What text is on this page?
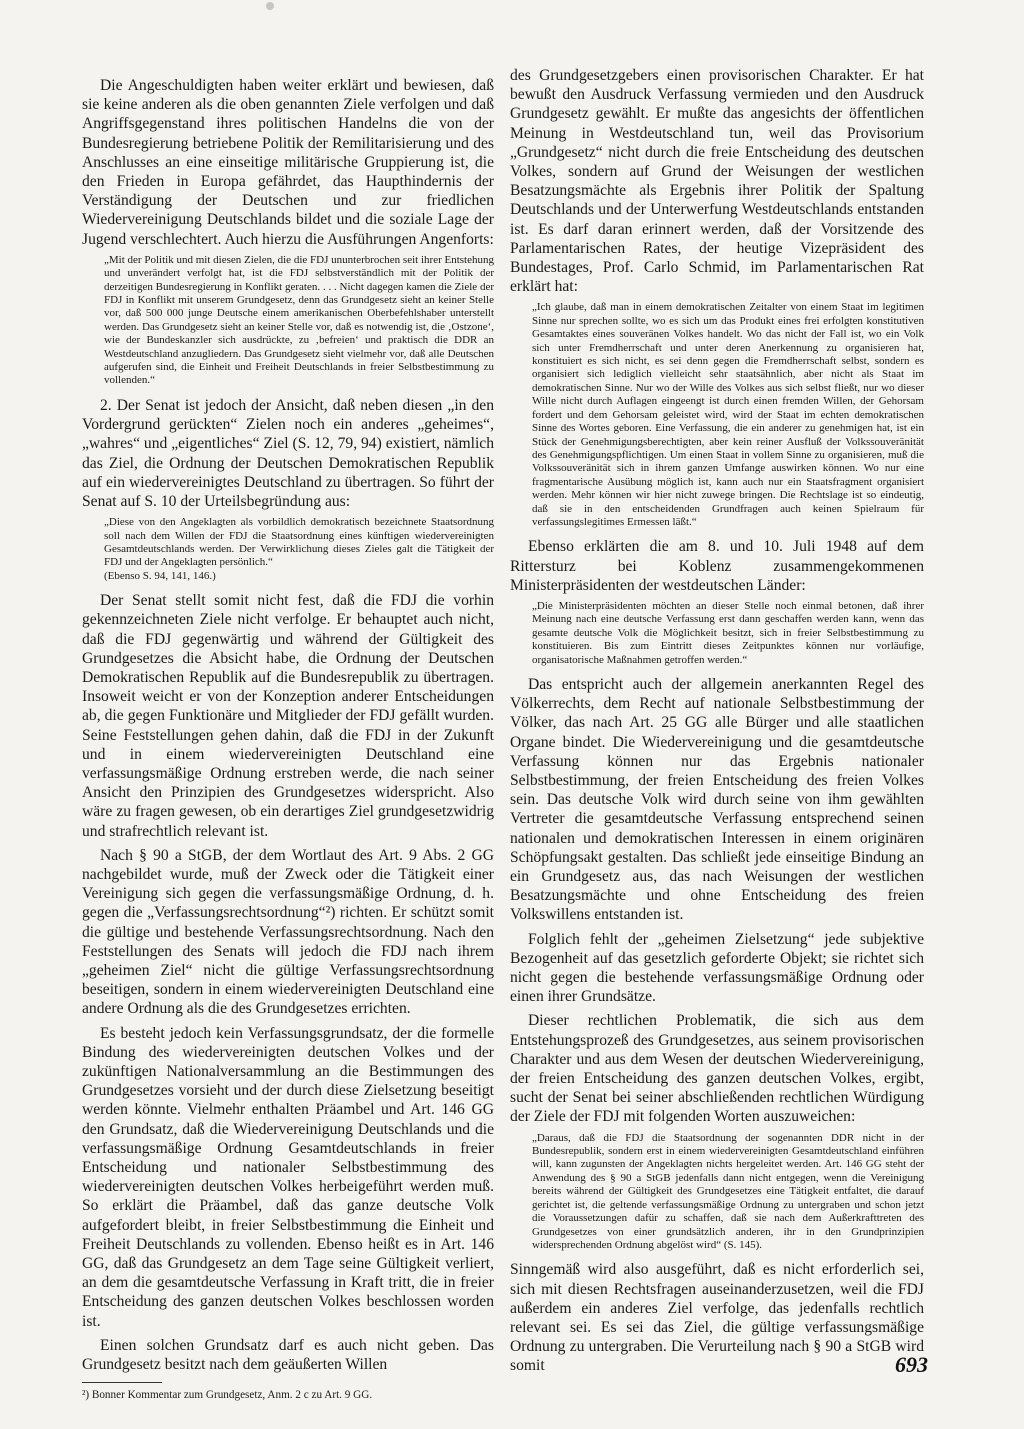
Die Angeschuldigten haben weiter erklärt und bewiesen, daß sie keine anderen als die oben genannten Ziele verfolgen und daß Angriffsgegenstand ihres politischen Handelns die von der Bundesregierung betriebene Politik der Remilitarisierung und des Anschlusses an eine einseitige militärische Gruppierung ist, die den Frieden in Europa gefährdet, das Haupthindernis der Verständigung der Deutschen und zur friedlichen Wiedervereinigung Deutschlands bildet und die soziale Lage der Jugend verschlechtert. Auch hierzu die Ausführungen Angenforts:

„Mit der Politik und mit diesen Zielen, die die FDJ ununterbrochen seit ihrer Entstehung und unverändert verfolgt hat, ist die FDJ selbstverständlich mit der Politik der derzeitigen Bundesregierung in Konflikt geraten. . . . Nicht dagegen kamen die Ziele der FDJ in Konflikt mit unserem Grundgesetz, denn das Grundgesetz sieht an keiner Stelle vor, daß 500 000 junge Deutsche einem amerikanischen Oberbefehlshaber unterstellt werden. Das Grundgesetz sieht an keiner Stelle vor, daß es notwendig ist, die ‚Ostzone‘, wie der Bundeskanzler sich ausdrückte, zu ‚befreien‘ und praktisch die DDR an Westdeutschland anzugliedern. Das Grundgesetz sieht vielmehr vor, daß alle Deutschen aufgerufen sind, die Einheit und Freiheit Deutschlands in freier Selbstbestimmung zu vollenden.“

2. Der Senat ist jedoch der Ansicht, daß neben diesen „in den Vordergrund gerückten“ Zielen noch ein anderes „geheimes“, „wahres“ und „eigentliches“ Ziel (S. 12, 79, 94) existiert, nämlich das Ziel, die Ordnung der Deutschen Demokratischen Republik auf ein wiedervereinigtes Deutschland zu übertragen. So führt der Senat auf S. 10 der Urteilsbegründung aus:

„Diese von den Angeklagten als vorbildlich demokratisch bezeichnete Staatsordnung soll nach dem Willen der FDJ die Staatsordnung eines künftigen wiedervereinigten Gesamtdeutschlands werden. Der Verwirklichung dieses Zieles galt die Tätigkeit der FDJ und der Angeklagten persönlich.“
(Ebenso S. 94, 141, 146.)

Der Senat stellt somit nicht fest, daß die FDJ die vorhin gekennzeichneten Ziele nicht verfolge. Er behauptet auch nicht, daß die FDJ gegenwärtig und während der Gültigkeit des Grundgesetzes die Absicht habe, die Ordnung der Deutschen Demokratischen Republik auf die Bundesrepublik zu übertragen. Insoweit weicht er von der Konzeption anderer Entscheidungen ab, die gegen Funktionäre und Mitglieder der FDJ gefällt wurden. Seine Feststellungen gehen dahin, daß die FDJ in der Zukunft und in einem wiedervereinigten Deutschland eine verfassungsmäßige Ordnung erstreben werde, die nach seiner Ansicht den Prinzipien des Grundgesetzes widerspricht. Also wäre zu fragen gewesen, ob ein derartiges Ziel grundgesetzwidrig und strafrechtlich relevant ist.

Nach § 90 a StGB, der dem Wortlaut des Art. 9 Abs. 2 GG nachgebildet wurde, muß der Zweck oder die Tätigkeit einer Vereinigung sich gegen die verfassungsmäßige Ordnung, d. h. gegen die „Verfassungsrechtsordnung“²) richten. Er schützt somit die gültige und bestehende Verfassungsrechtsordnung. Nach den Feststellungen des Senats will jedoch die FDJ nach ihrem „geheimen Ziel“ nicht die gültige Verfassungsrechtsordnung beseitigen, sondern in einem wiedervereinigten Deutschland eine andere Ordnung als die des Grundgesetzes errichten.

Es besteht jedoch kein Verfassungsgrundsatz, der die formelle Bindung des wiedervereinigten deutschen Volkes und der zukünftigen Nationalversammlung an die Bestimmungen des Grundgesetzes vorsieht und der durch diese Zielsetzung beseitigt werden könnte. Vielmehr enthalten Präambel und Art. 146 GG den Grundsatz, daß die Wiedervereinigung Deutschlands und die verfassungsmäßige Ordnung Gesamtdeutschlands in freier Entscheidung und nationaler Selbstbestimmung des wiedervereinigten deutschen Volkes herbeigeführt werden muß. So erklärt die Präambel, daß das ganze deutsche Volk aufgefordert bleibt, in freier Selbstbestimmung die Einheit und Freiheit Deutschlands zu vollenden. Ebenso heißt es in Art. 146 GG, daß das Grundgesetz an dem Tage seine Gültigkeit verliert, an dem die gesamtdeutsche Verfassung in Kraft tritt, die in freier Entscheidung des ganzen deutschen Volkes beschlossen worden ist.

Einen solchen Grundsatz darf es auch nicht geben. Das Grundgesetz besitzt nach dem geäußerten Willen

²) Bonner Kommentar zum Grundgesetz, Anm. 2 c zu Art. 9 GG.

des Grundgesetzgebers einen provisorischen Charakter. Er hat bewußt den Ausdruck Verfassung vermieden und den Ausdruck Grundgesetz gewählt. Er mußte das angesichts der öffentlichen Meinung in Westdeutschland tun, weil das Provisorium „Grundgesetz“ nicht durch die freie Entscheidung des deutschen Volkes, sondern auf Grund der Weisungen der westlichen Besatzungsmächte als Ergebnis ihrer Politik der Spaltung Deutschlands und der Unterwerfung Westdeutschlands entstanden ist. Es darf daran erinnert werden, daß der Vorsitzende des Parlamentarischen Rates, der heutige Vizepräsident des Bundestages, Prof. Carlo Schmid, im Parlamentarischen Rat erklärt hat:

„Ich glaube, daß man in einem demokratischen Zeitalter von einem Staat im legitimen Sinne nur sprechen sollte, wo es sich um das Produkt eines frei erfolgten konstitutiven Gesamtaktes eines souveränen Volkes handelt. Wo das nicht der Fall ist, wo ein Volk sich unter Fremdherrschaft und unter deren Anerkennung zu organisieren hat, konstituiert es sich nicht, es sei denn gegen die Fremdherrschaft selbst, sondern es organisiert sich lediglich vielleicht sehr staatsähnlich, aber nicht als Staat im demokratischen Sinne. Nur wo der Wille des Volkes aus sich selbst fließt, nur wo dieser Wille nicht durch Auflagen eingeengt ist durch einen fremden Willen, der Gehorsam fordert und dem Gehorsam geleistet wird, wird der Staat im echten demokratischen Sinne des Wortes geboren. Eine Verfassung, die ein anderer zu genehmigen hat, ist ein Stück der Genehmigungsberechtigten, aber kein reiner Ausfluß der Volkssouveränität des Genehmigungspflichtigen. Um einen Staat in vollem Sinne zu organisieren, muß die Volkssouveränität sich in ihrem ganzen Umfange auswirken können. Wo nur eine fragmentarische Ausübung möglich ist, kann auch nur ein Staatsfragment organisiert werden. Mehr können wir hier nicht zuwege bringen. Die Rechtslage ist so eindeutig, daß sie in den entscheidenden Grundfragen auch keinen Spielraum für verfassungslegitimes Ermessen läßt.“

Ebenso erklärten die am 8. und 10. Juli 1948 auf dem Rittersturz bei Koblenz zusammengekommenen Ministerpräsidenten der westdeutschen Länder:

„Die Ministerpräsidenten möchten an dieser Stelle noch einmal betonen, daß ihrer Meinung nach eine deutsche Verfassung erst dann geschaffen werden kann, wenn das gesamte deutsche Volk die Möglichkeit besitzt, sich in freier Selbstbestimmung zu konstituieren. Bis zum Eintritt dieses Zeitpunktes können nur vorläufige, organisatorische Maßnahmen getroffen werden.“

Das entspricht auch der allgemein anerkannten Regel des Völkerrechts, dem Recht auf nationale Selbstbestimmung der Völker, das nach Art. 25 GG alle Bürger und alle staatlichen Organe bindet. Die Wiedervereinigung und die gesamtdeutsche Verfassung können nur das Ergebnis nationaler Selbstbestimmung, der freien Entscheidung des freien Volkes sein. Das deutsche Volk wird durch seine von ihm gewählten Vertreter die gesamtdeutsche Verfassung entsprechend seinen nationalen und demokratischen Interessen in einem originären Schöpfungsakt gestalten. Das schließt jede einseitige Bindung an ein Grundgesetz aus, das nach Weisungen der westlichen Besatzungsmächte und ohne Entscheidung des freien Volkswillens entstanden ist.

Folglich fehlt der „geheimen Zielsetzung“ jede subjektive Bezogenheit auf das gesetzlich geforderte Objekt; sie richtet sich nicht gegen die bestehende verfassungsmäßige Ordnung oder einen ihrer Grundsätze.

Dieser rechtlichen Problematik, die sich aus dem Entstehungsprozeß des Grundgesetzes, aus seinem provisorischen Charakter und aus dem Wesen der deutschen Wiedervereinigung, der freien Entscheidung des ganzen deutschen Volkes, ergibt, sucht der Senat bei seiner abschließenden rechtlichen Würdigung der Ziele der FDJ mit folgenden Worten auszuweichen:

„Daraus, daß die FDJ die Staatsordnung der sogenannten DDR nicht in der Bundesrepublik, sondern erst in einem wiedervereinigten Gesamtdeutschland einführen will, kann zugunsten der Angeklagten nichts hergeleitet werden. Art. 146 GG steht der Anwendung des § 90 a StGB jedenfalls dann nicht entgegen, wenn die Vereinigung bereits während der Gültigkeit des Grundgesetzes eine Tätigkeit entfaltet, die darauf gerichtet ist, die geltende verfassungsmäßige Ordnung zu untergraben und schon jetzt die Voraussetzungen dafür zu schaffen, daß sie nach dem Außerkrafttreten des Grundgesetzes von einer grundsätzlich anderen, ihr in den Grundprinzipien widersprechenden Ordnung abgelöst wird“ (S. 145).

Sinngemäß wird also ausgeführt, daß es nicht erforderlich sei, sich mit diesen Rechtsfragen auseinanderzusetzen, weil die FDJ außerdem ein anderes Ziel verfolge, das jedenfalls rechtlich relevant sei. Es sei das Ziel, die gültige verfassungsmäßige Ordnung zu untergraben. Die Verurteilung nach § 90 a StGB wird somit	693
